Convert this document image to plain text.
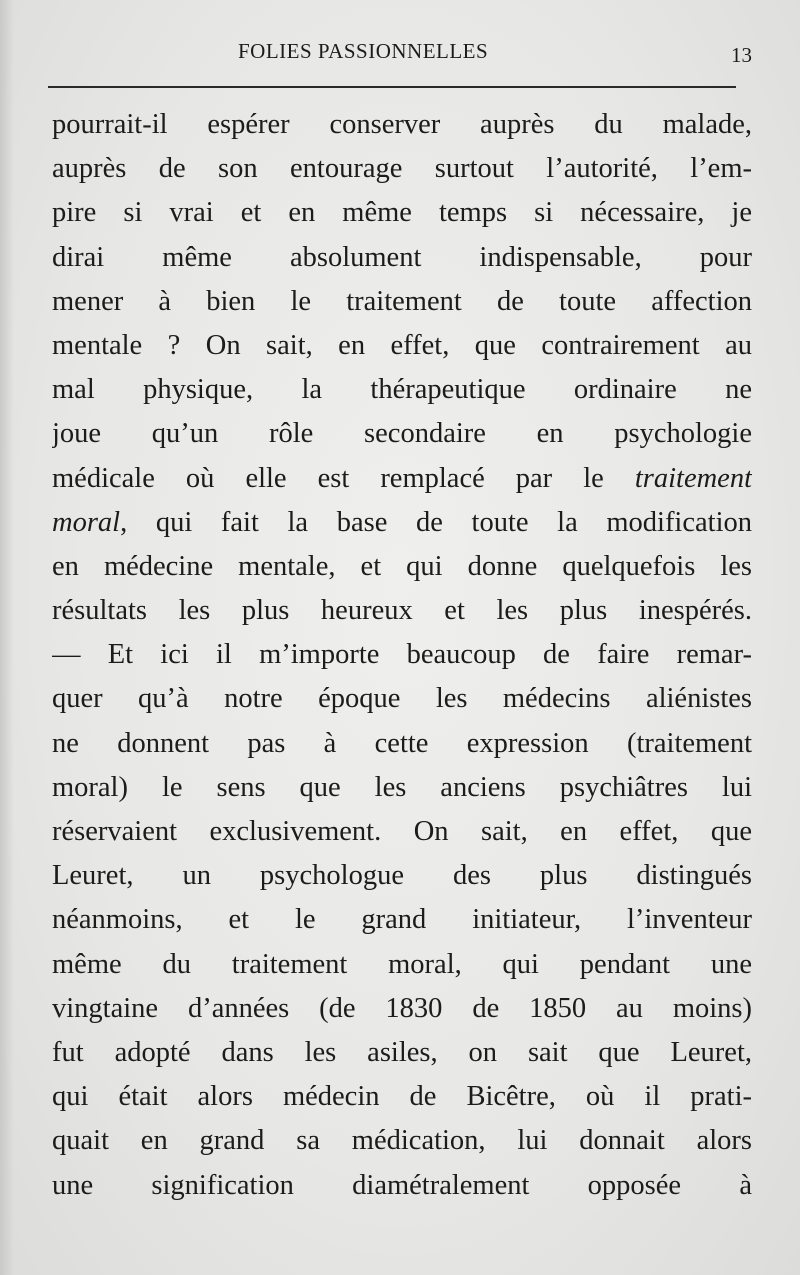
FOLIES PASSIONNELLES	13
pourrait-il espérer conserver auprès du malade,
auprès de son entourage surtout l’autorité, l’em-
pire si vrai et en même temps si nécessaire, je
dirai même absolument indispensable, pour
mener à bien le traitement de toute affection
mentale ? On sait, en effet, que contrairement au
mal physique, la thérapeutique ordinaire ne
joue qu’un rôle secondaire en psychologie
médicale où elle est remplacé par le traitement
moral, qui fait la base de toute la modification
en médecine mentale, et qui donne quelquefois les
résultats les plus heureux et les plus inespérés.
— Et ici il m’importe beaucoup de faire remar-
quer qu’à notre époque les médecins aliénistes
ne donnent pas à cette expression (traitement
moral) le sens que les anciens psychiâtres lui
réservaient exclusivement. On sait, en effet, que
Leuret, un psychologue des plus distingués
néanmoins, et le grand initiateur, l’inventeur
même du traitement moral, qui pendant une
vingtaine d’années (de 1830 de 1850 au moins)
fut adopté dans les asiles, on sait que Leuret,
qui était alors médecin de Bicêtre, où il prati-
quait en grand sa médication, lui donnait alors
une signification diamétralement opposée à
